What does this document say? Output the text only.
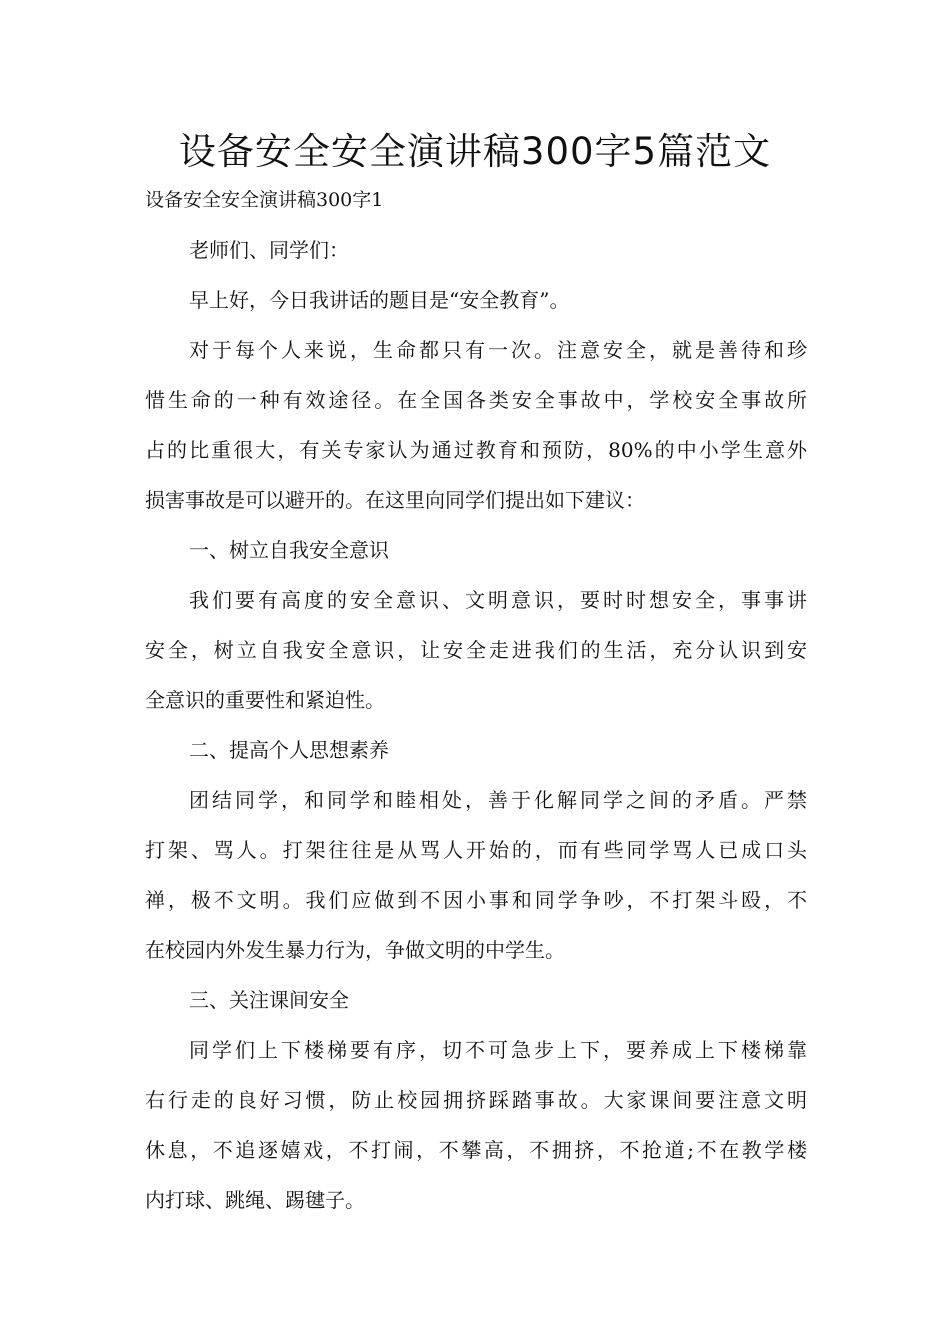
设备安全安全演讲稿300字5篇范文
设备安全安全演讲稿300字1
老师们、同学们：
早上好，今日我讲话的题目是“安全教育”。
对于每个人来说，生命都只有一次。注意安全，就是善待和珍
惜生命的一种有效途径。在全国各类安全事故中，学校安全事故所
占的比重很大，有关专家认为通过教育和预防，80%的中小学生意外
损害事故是可以避开的。在这里向同学们提出如下建议：
一、树立自我安全意识
我们要有高度的安全意识、文明意识，要时时想安全，事事讲
安全，树立自我安全意识，让安全走进我们的生活，充分认识到安
全意识的重要性和紧迫性。
二、提高个人思想素养
团结同学，和同学和睦相处，善于化解同学之间的矛盾。严禁
打架、骂人。打架往往是从骂人开始的，而有些同学骂人已成口头
禅，极不文明。我们应做到不因小事和同学争吵，不打架斗殴，不
在校园内外发生暴力行为，争做文明的中学生。
三、关注课间安全
同学们上下楼梯要有序，切不可急步上下，要养成上下楼梯靠
右行走的良好习惯，防止校园拥挤踩踏事故。大家课间要注意文明
休息，不追逐嬉戏，不打闹，不攀高，不拥挤，不抢道;不在教学楼
内打球、跳绳、踢毽子。
